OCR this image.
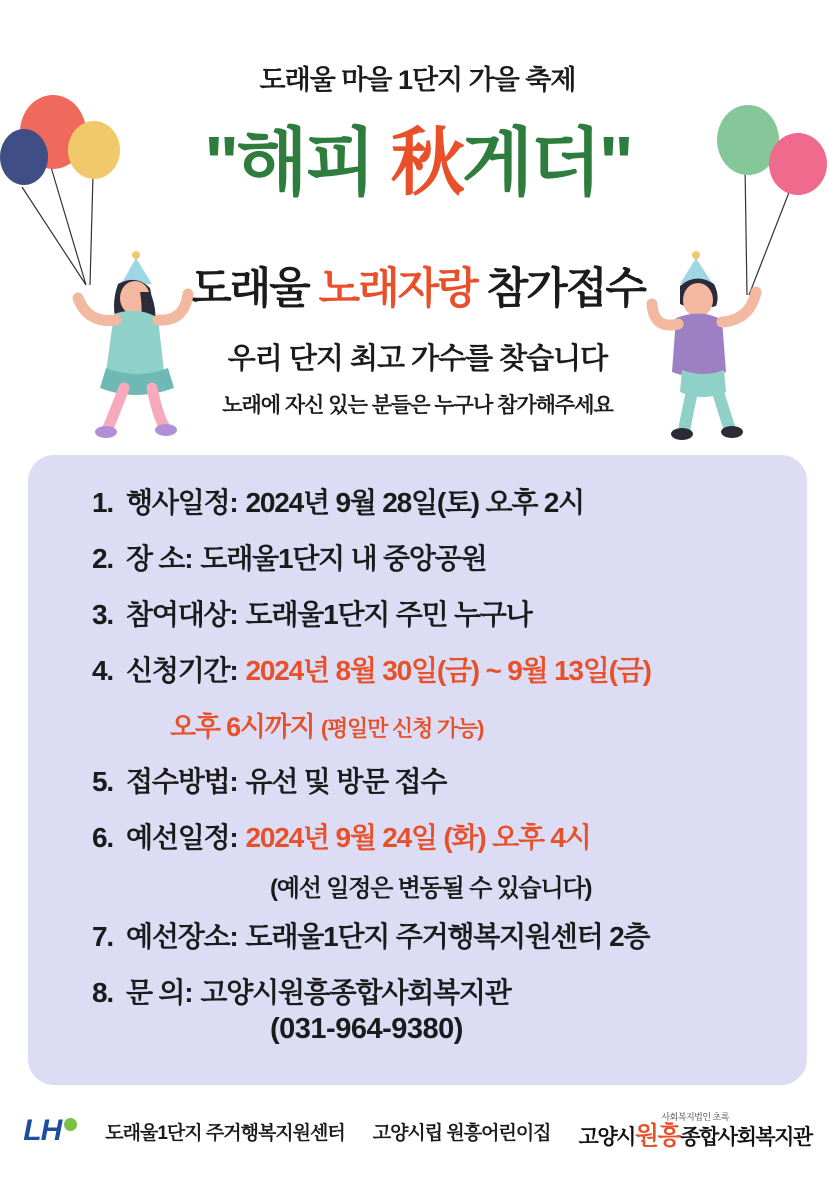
도래울 마을 1단지 가을 축제
"해피 秋게더"
도래울 노래자랑 참가접수
우리 단지 최고 가수를 찾습니다
노래에 자신 있는 분들은 누구나 참가해주세요
1. 행사일정: 2024년 9월 28일(토) 오후 2시
2. 장 소: 도래울1단지 내 중앙공원
3. 참여대상: 도래울1단지 주민 누구나
4. 신청기간: 2024년 8월 30일(금) ~ 9월 13일(금)
오후 6시까지 (평일만 신청 가능)
5. 접수방법: 유선 및 방문 접수
6. 예선일정: 2024년 9월 24일 (화) 오후 4시
(예선 일정은 변동될 수 있습니다)
7. 예선장소: 도래울1단지 주거행복지원센터 2층
8. 문 의: 고양시원흥종합사회복지관
(031-964-9380)
LH 도래울1단지 주거행복지원센터 고양시립 원흥어린이집
사회복지법인 초록
고양시원흥종합사회복지관
